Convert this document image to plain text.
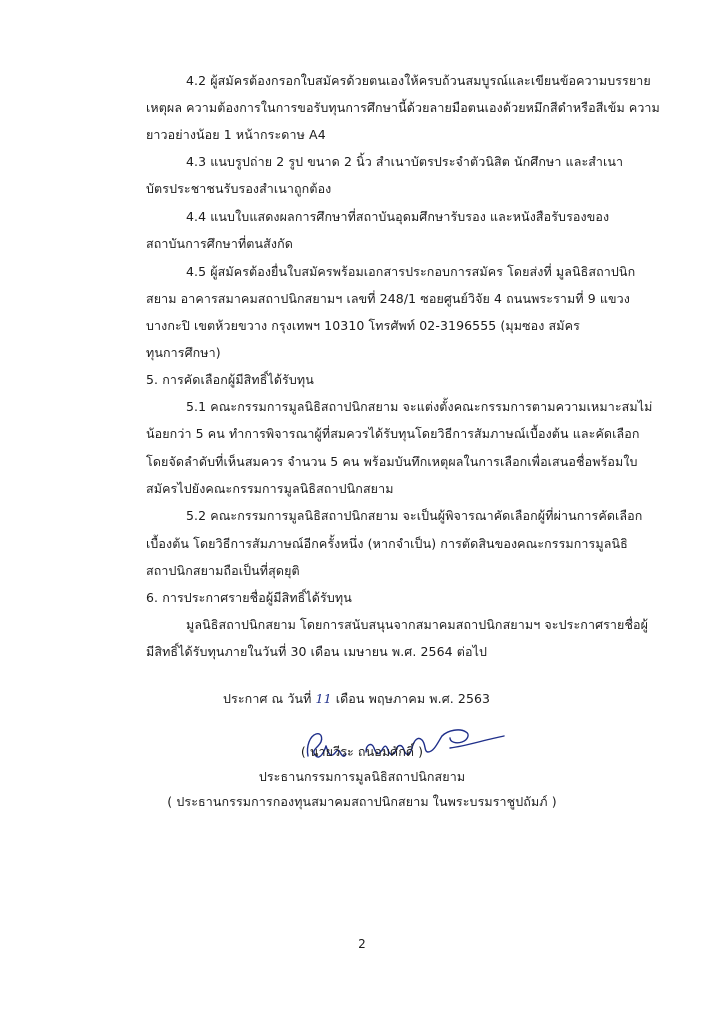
4.2 ผู้สมัครต้องกรอกใบสมัครด้วยตนเองให้ครบถ้วนสมบูรณ์และเขียนข้อความบรรยาย
เหตุผล ความต้องการในการขอรับทุนการศึกษานี้ด้วยลายมือตนเองด้วยหมึกสีดำหรือสีเข้ม ความ
ยาวอย่างน้อย 1 หน้ากระดาษ A4
4.3 แนบรูปถ่าย 2 รูป ขนาด 2 นิ้ว สำเนาบัตรประจำตัวนิสิต นักศึกษา และสำเนา
บัตรประชาชนรับรองสำเนาถูกต้อง
4.4 แนบใบแสดงผลการศึกษาที่สถาบันอุดมศึกษารับรอง และหนังสือรับรองของ
สถาบันการศึกษาที่ตนสังกัด
4.5 ผู้สมัครต้องยื่นใบสมัครพร้อมเอกสารประกอบการสมัคร โดยส่งที่ มูลนิธิสถาปนิก
สยาม อาคารสมาคมสถาปนิกสยามฯ เลขที่ 248/1 ซอยศูนย์วิจัย 4 ถนนพระรามที่ 9 แขวง
บางกะปิ เขตห้วยขวาง กรุงเทพฯ 10310 โทรศัพท์ 02-3196555 (มุมซอง สมัคร
ทุนการศึกษา)
5. การคัดเลือกผู้มีสิทธิ์ได้รับทุน
5.1 คณะกรรมการมูลนิธิสถาปนิกสยาม จะแต่งตั้งคณะกรรมการตามความเหมาะสมไม่
น้อยกว่า 5 คน ทำการพิจารณาผู้ที่สมควรได้รับทุนโดยวิธีการสัมภาษณ์เบื้องต้น และคัดเลือก
โดยจัดลำดับที่เห็นสมควร จำนวน 5 คน พร้อมบันทึกเหตุผลในการเลือกเพื่อเสนอชื่อพร้อมใบ
สมัครไปยังคณะกรรมการมูลนิธิสถาปนิกสยาม
5.2 คณะกรรมการมูลนิธิสถาปนิกสยาม จะเป็นผู้พิจารณาคัดเลือกผู้ที่ผ่านการคัดเลือก
เบื้องต้น โดยวิธีการสัมภาษณ์อีกครั้งหนึ่ง (หากจำเป็น) การตัดสินของคณะกรรมการมูลนิธิ
สถาปนิกสยามถือเป็นที่สุดยุติ
6. การประกาศรายชื่อผู้มีสิทธิ์ได้รับทุน
มูลนิธิสถาปนิกสยาม โดยการสนับสนุนจากสมาคมสถาปนิกสยามฯ จะประกาศรายชื่อผู้
มีสิทธิ์ได้รับทุนภายในวันที่ 30 เดือน เมษายน พ.ศ. 2564 ต่อไป
ประกาศ ณ วันที่ 11 เดือน พฤษภาคม พ.ศ. 2563
( นายวีระ ถนอมศักดิ์ )
ประธานกรรมการมูลนิธิสถาปนิกสยาม
( ประธานกรรมการกองทุนสมาคมสถาปนิกสยาม ในพระบรมราชูปถัมภ์ )
2
